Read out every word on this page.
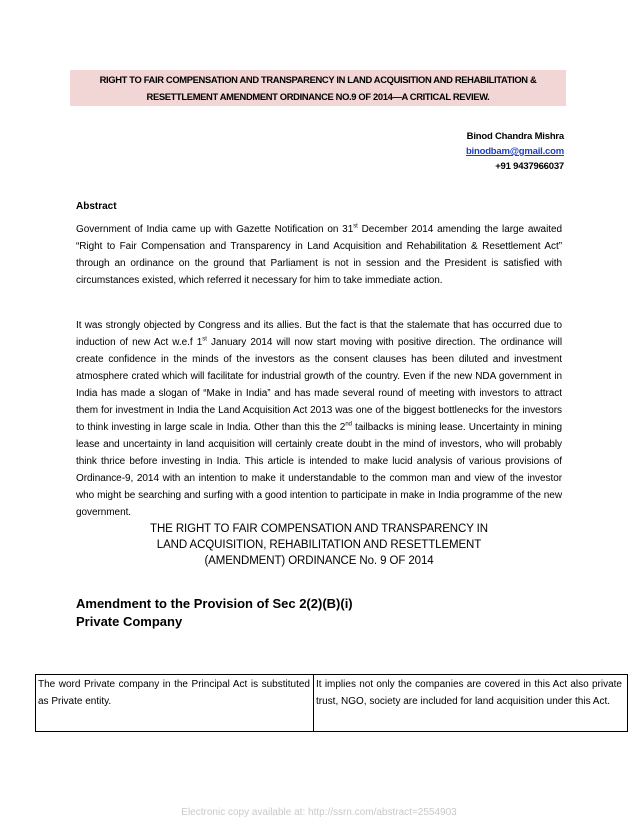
RIGHT TO FAIR COMPENSATION AND TRANSPARENCY IN LAND ACQUISITION AND REHABILITATION &
RESETTLEMENT AMENDMENT ORDINANCE NO.9 OF 2014—A CRITICAL REVIEW.
Binod Chandra Mishra
binodbam@gmail.com
+91 9437966037
Abstract
Government of India came up with Gazette Notification on 31st December 2014 amending the large awaited “Right to Fair Compensation and Transparency in Land Acquisition and Rehabilitation & Resettlement Act” through an ordinance on the ground that Parliament is not in session and the President is satisfied with circumstances existed, which referred it necessary for him to take immediate action.
It was strongly objected by Congress and its allies. But the fact is that the stalemate that has occurred due to induction of new Act w.e.f 1st January 2014 will now start moving with positive direction. The ordinance will create confidence in the minds of the investors as the consent clauses has been diluted and investment atmosphere crated which will facilitate for industrial growth of the country. Even if the new NDA government in India has made a slogan of “Make in India” and has made several round of meeting with investors to attract them for investment in India the Land Acquisition Act 2013 was one of the biggest bottlenecks for the investors to think investing in large scale in India. Other than this the 2nd tailbacks is mining lease. Uncertainty in mining lease and uncertainty in land acquisition will certainly create doubt in the mind of investors, who will probably think thrice before investing in India. This article is intended to make lucid analysis of various provisions of Ordinance-9, 2014 with an intention to make it understandable to the common man and view of the investor who might be searching and surfing with a good intention to participate in make in India programme of the new government.
THE RIGHT TO FAIR COMPENSATION AND TRANSPARENCY IN
LAND ACQUISITION, REHABILITATION AND RESETTLEMENT
(AMENDMENT) ORDINANCE No. 9 OF 2014
Amendment to the Provision of Sec 2(2)(B)(i)
Private Company
The word Private company in the Principal Act is substituted as Private entity.
It implies not only the companies are covered in this Act also private trust, NGO, society are included for land acquisition under this Act.
Electronic copy available at: http://ssrn.com/abstract=2554903
